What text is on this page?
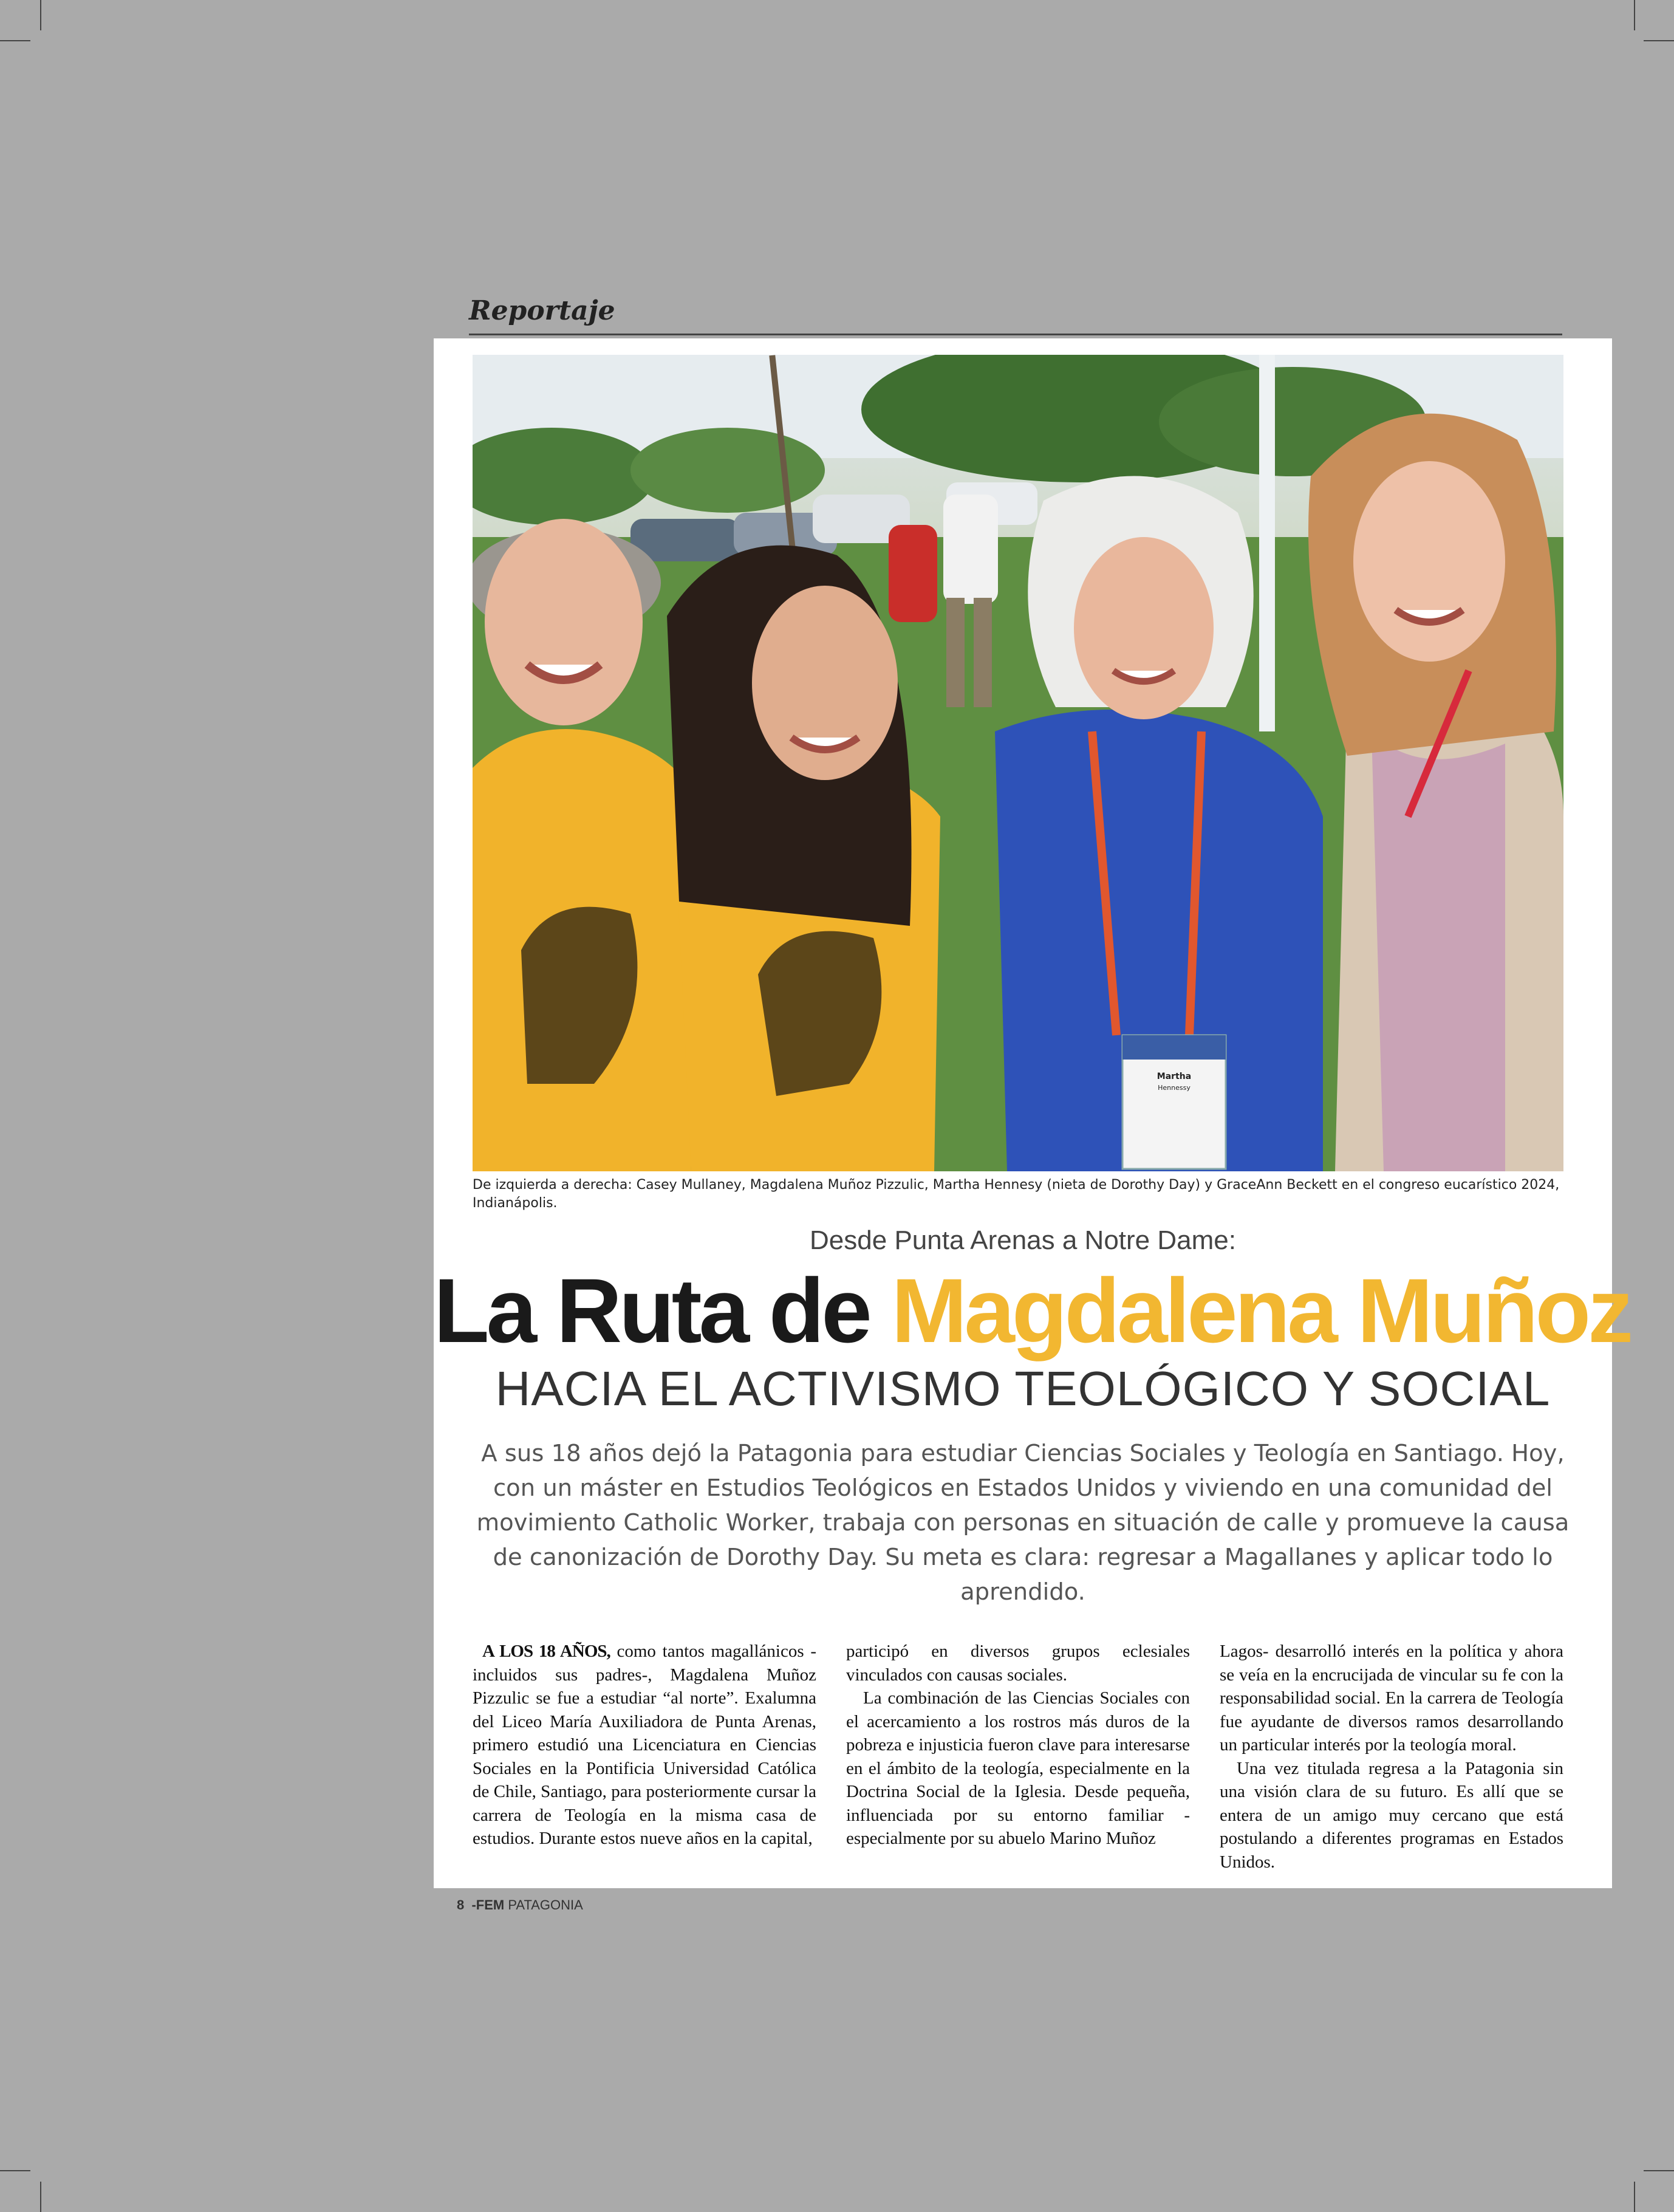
Reportaje
Martha
Hennessy
De izquierda a derecha: Casey Mullaney, Magdalena Muñoz Pizzulic, Martha Hennesy (nieta de Dorothy Day) y GraceAnn Beckett en el congreso eucarístico 2024, Indianápolis.
Desde Punta Arenas a Notre Dame:
La Ruta de Magdalena Muñoz
HACIA EL ACTIVISMO TEOLÓGICO Y SOCIAL
A sus 18 años dejó la Patagonia para estudiar Ciencias Sociales y Teología en Santiago. Hoy, con un máster en Estudios Teológicos en Estados Unidos y viviendo en una comunidad del movimiento Catholic Worker, trabaja con personas en situación de calle y promueve la causa de canonización de Dorothy Day. Su meta es clara: regresar a Magallanes y aplicar todo lo aprendido.

A LOS 18 AÑOS, como tantos magallánicos -incluidos sus padres-, Magdalena Muñoz Pizzulic se fue a estudiar “al norte”. Exalumna del Liceo María Auxiliadora de Punta Arenas, primero estudió una Licenciatura en Ciencias Sociales en la Pontificia Universidad Católica de Chile, Santiago, para posteriormente cursar la carrera de Teología en la misma casa de estudios. Durante estos nueve años en la capital,

participó en diversos grupos eclesiales vinculados con causas sociales.

La combinación de las Ciencias Sociales con el acercamiento a los rostros más duros de la pobreza e injusticia fueron clave para interesarse en el ámbito de la teología, especialmente en la Doctrina Social de la Iglesia. Desde pequeña, influenciada por su entorno familiar -especialmente por su abuelo Marino Muñoz

Lagos- desarrolló interés en la política y ahora se veía en la encrucijada de vincular su fe con la responsabilidad social. En la carrera de Teología fue ayudante de diversos ramos desarrollando un particular interés por la teología moral.

Una vez titulada regresa a la Patagonia sin una visión clara de su futuro. Es allí que se entera de un amigo muy cercano que está postulando a diferentes programas en Estados Unidos.

8 -FEM PATAGONIA
